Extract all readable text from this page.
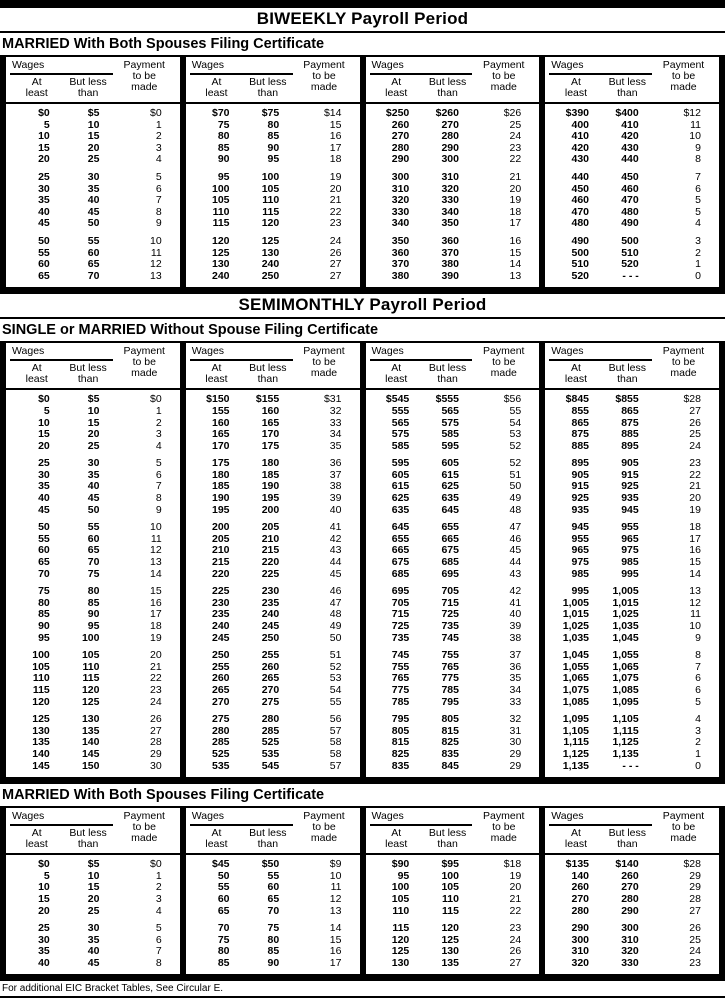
BIWEEKLY Payroll Period
MARRIED With Both Spouses Filing Certificate
Wages
At least
But less than
Payment to be made
$0	$5	$0
5	10	1
10	15	2
15	20	3
20	25	4
25	30	5
30	35	6
35	40	7
40	45	8
45	50	9
50	55	10
55	60	11
60	65	12
65	70	13
Wages
At least
But less than
Payment to be made
$70	$75	$14
75	80	15
80	85	16
85	90	17
90	95	18
95	100	19
100	105	20
105	110	21
110	115	22
115	120	23
120	125	24
125	130	26
130	240	27
240	250	27
Wages
At least
But less than
Payment to be made
$250	$260	$26
260	270	25
270	280	24
280	290	23
290	300	22
300	310	21
310	320	20
320	330	19
330	340	18
340	350	17
350	360	16
360	370	15
370	380	14
380	390	13
Wages
At least
But less than
Payment to be made
$390	$400	$12
400	410	11
410	420	10
420	430	9
430	440	8
440	450	7
450	460	6
460	470	5
470	480	5
480	490	4
490	500	3
500	510	2
510	520	1
520	- - -	0
SEMIMONTHLY Payroll Period
SINGLE or MARRIED Without Spouse Filing Certificate
Wages
At least
But less than
Payment to be made
$0	$5	$0
5	10	1
10	15	2
15	20	3
20	25	4
25	30	5
30	35	6
35	40	7
40	45	8
45	50	9
50	55	10
55	60	11
60	65	12
65	70	13
70	75	14
75	80	15
80	85	16
85	90	17
90	95	18
95	100	19
100	105	20
105	110	21
110	115	22
115	120	23
120	125	24
125	130	26
130	135	27
135	140	28
140	145	29
145	150	30
Wages
At least
But less than
Payment to be made
$150	$155	$31
155	160	32
160	165	33
165	170	34
170	175	35
175	180	36
180	185	37
185	190	38
190	195	39
195	200	40
200	205	41
205	210	42
210	215	43
215	220	44
220	225	45
225	230	46
230	235	47
235	240	48
240	245	49
245	250	50
250	255	51
255	260	52
260	265	53
265	270	54
270	275	55
275	280	56
280	285	57
285	525	58
525	535	58
535	545	57
Wages
At least
But less than
Payment to be made
$545	$555	$56
555	565	55
565	575	54
575	585	53
585	595	52
595	605	52
605	615	51
615	625	50
625	635	49
635	645	48
645	655	47
655	665	46
665	675	45
675	685	44
685	695	43
695	705	42
705	715	41
715	725	40
725	735	39
735	745	38
745	755	37
755	765	36
765	775	35
775	785	34
785	795	33
795	805	32
805	815	31
815	825	30
825	835	29
835	845	29
Wages
At least
But less than
Payment to be made
$845	$855	$28
855	865	27
865	875	26
875	885	25
885	895	24
895	905	23
905	915	22
915	925	21
925	935	20
935	945	19
945	955	18
955	965	17
965	975	16
975	985	15
985	995	14
995	1,005	13
1,005	1,015	12
1,015	1,025	11
1,025	1,035	10
1,035	1,045	9
1,045	1,055	8
1,055	1,065	7
1,065	1,075	6
1,075	1,085	6
1,085	1,095	5
1,095	1,105	4
1,105	1,115	3
1,115	1,125	2
1,125	1,135	1
1,135	- - -	0
MARRIED With Both Spouses Filing Certificate
Wages
At least
But less than
Payment to be made
$0	$5	$0
5	10	1
10	15	2
15	20	3
20	25	4
25	30	5
30	35	6
35	40	7
40	45	8
Wages
At least
But less than
Payment to be made
$45	$50	$9
50	55	10
55	60	11
60	65	12
65	70	13
70	75	14
75	80	15
80	85	16
85	90	17
Wages
At least
But less than
Payment to be made
$90	$95	$18
95	100	19
100	105	20
105	110	21
110	115	22
115	120	23
120	125	24
125	130	26
130	135	27
Wages
At least
But less than
Payment to be made
$135	$140	$28
140	260	29
260	270	29
270	280	28
280	290	27
290	300	26
300	310	25
310	320	24
320	330	23
For additional EIC Bracket Tables, See Circular E.
